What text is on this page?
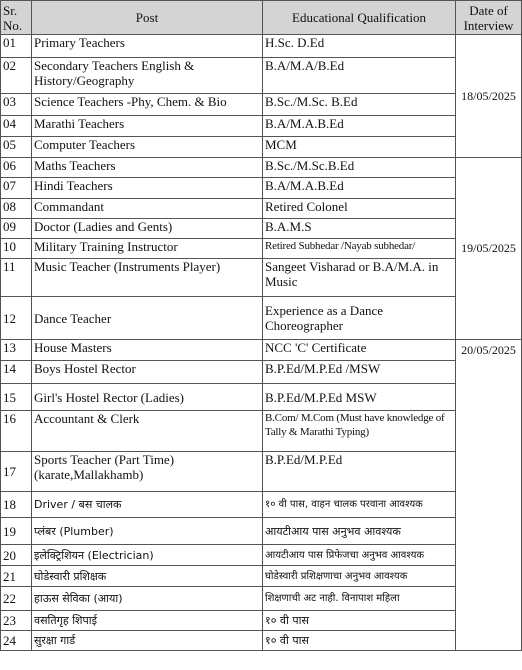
Sr. No.	Post	Educational Qualification	Date of Interview
01	Primary Teachers	H.Sc. D.Ed	18/05/2025
02	Secondary Teachers English & History/Geography	B.A/M.A/B.Ed	
03	Science Teachers -Phy, Chem. & Bio	B.Sc./M.Sc. B.Ed	
04	Marathi Teachers	B.A/M.A.B.Ed	
05	Computer Teachers	MCM	
06	Maths Teachers	B.Sc./M.Sc.B.Ed	19/05/2025
07	Hindi Teachers	B.A/M.A.B.Ed	
08	Commandant	Retired Colonel	
09	Doctor (Ladies and Gents)	B.A.M.S	
10	Military Training Instructor	Retired Subhedar /Nayab subhedar/	
11	Music Teacher (Instruments Player)	Sangeet Visharad or B.A/M.A. in Music	
12	Dance Teacher	Experience as a Dance Choreographer	
13	House Masters	NCC 'C' Certificate	20/05/2025
14	Boys Hostel Rector	B.P.Ed/M.P.Ed /MSW	
15	Girl's Hostel Rector (Ladies)	B.P.Ed/M.P.Ed MSW	
16	Accountant & Clerk	B.Com/ M.Com (Must have knowledge of Tally & Marathi Typing)	
17	Sports Teacher (Part Time) (karate,Mallakhamb)	B.P.Ed/M.P.Ed	
18	Driver / बस चालक	१० वी पास, वाहन चालक परवाना आवश्यक	
19	प्लंबर (Plumber)	आयटीआय पास अनुभव आवश्यक	
20	इलेक्ट्रिशियन (Electrician)	आयटीआय पास प्रिफेजचा अनुभव आवश्यक	
21	घोडेस्वारी प्रशिक्षक	घोडेस्वारी प्रशिक्षणाचा अनुभव आवश्यक	
22	हाऊस सेविका (आया)	शिक्षणाची अट नाही. विनापाश महिला	
23	वसतिगृह शिपाई	१० वी पास	
24	सुरक्षा गार्ड	१० वी पास	
